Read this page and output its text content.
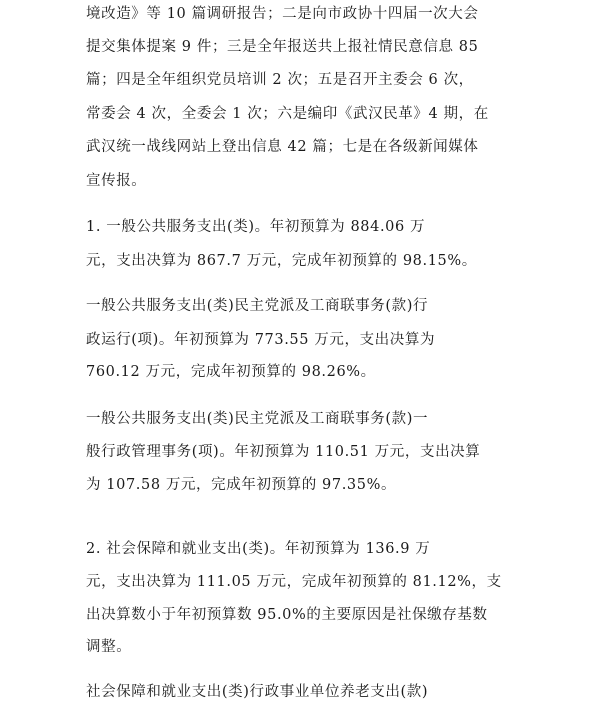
境改造》等 10 篇调研报告；二是向市政协十四届一次大会
提交集体提案 9 件；三是全年报送共上报社情民意信息 85
篇；四是全年组织党员培训 2 次；五是召开主委会 6 次，
常委会 4 次，全委会 1 次；六是编印《武汉民革》4 期，在
武汉统一战线网站上登出信息 42 篇；七是在各级新闻媒体
宣传报。
1. 一般公共服务支出(类)。年初预算为 884.06 万
元，支出决算为 867.7 万元，完成年初预算的 98.15%。
一般公共服务支出(类)民主党派及工商联事务(款)行
政运行(项)。年初预算为 773.55 万元，支出决算为
760.12 万元，完成年初预算的 98.26%。
一般公共服务支出(类)民主党派及工商联事务(款)一
般行政管理事务(项)。年初预算为 110.51 万元，支出决算
为 107.58 万元，完成年初预算的 97.35%。
2. 社会保障和就业支出(类)。年初预算为 136.9 万
元，支出决算为 111.05 万元，完成年初预算的 81.12%，支
出决算数小于年初预算数 95.0%的主要原因是社保缴存基数
调整。
社会保障和就业支出(类)行政事业单位养老支出(款)
